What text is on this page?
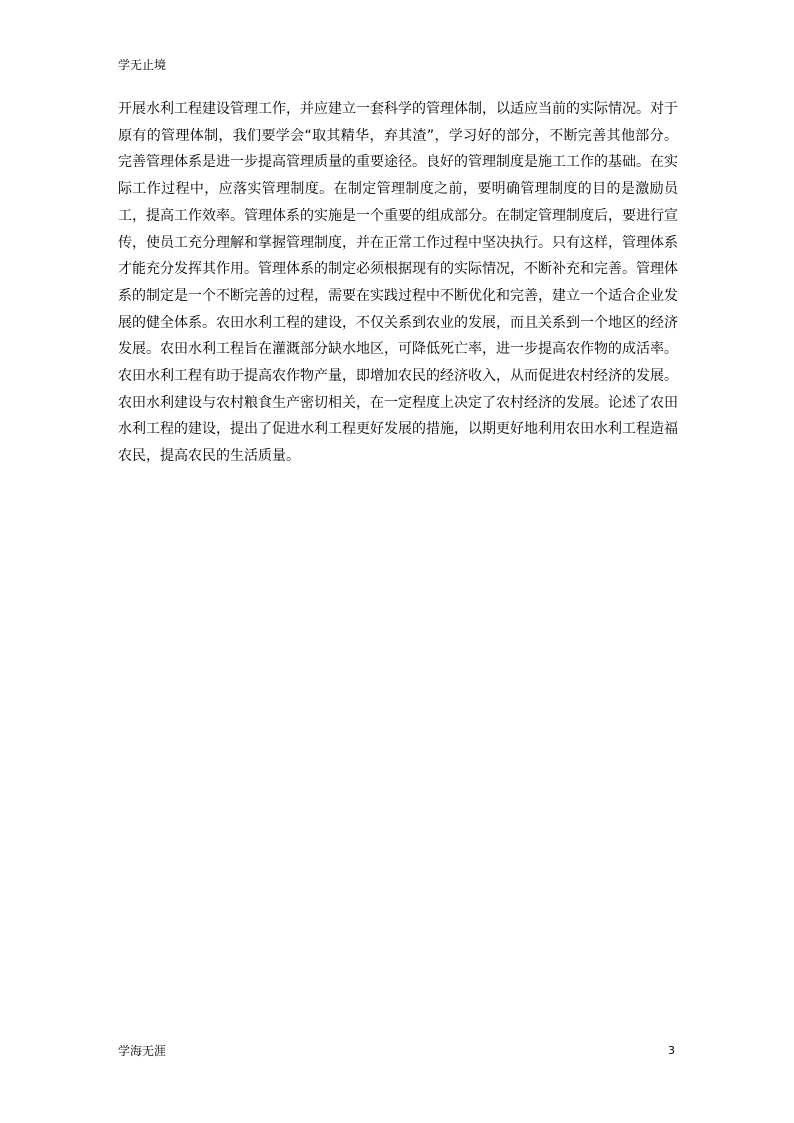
学无止境

开展水利工程建设管理工作，并应建立一套科学的管理体制，以适应当前的实际情况。对于原有的管理体制，我们要学会“取其精华，弃其渣”，学习好的部分，不断完善其他部分。完善管理体系是进一步提高管理质量的重要途径。良好的管理制度是施工工作的基础。在实际工作过程中，应落实管理制度。在制定管理制度之前，要明确管理制度的目的是激励员工，提高工作效率。管理体系的实施是一个重要的组成部分。在制定管理制度后，要进行宣传，使员工充分理解和掌握管理制度，并在正常工作过程中坚决执行。只有这样，管理体系才能充分发挥其作用。管理体系的制定必须根据现有的实际情况，不断补充和完善。管理体系的制定是一个不断完善的过程，需要在实践过程中不断优化和完善，建立一个适合企业发展的健全体系。农田水利工程的建设，不仅关系到农业的发展，而且关系到一个地区的经济发展。农田水利工程旨在灌溉部分缺水地区，可降低死亡率，进一步提高农作物的成活率。农田水利工程有助于提高农作物产量，即增加农民的经济收入，从而促进农村经济的发展。农田水利建设与农村粮食生产密切相关，在一定程度上决定了农村经济的发展。论述了农田水利工程的建设，提出了促进水利工程更好发展的措施，以期更好地利用农田水利工程造福农民，提高农民的生活质量。

学海无涯	3
